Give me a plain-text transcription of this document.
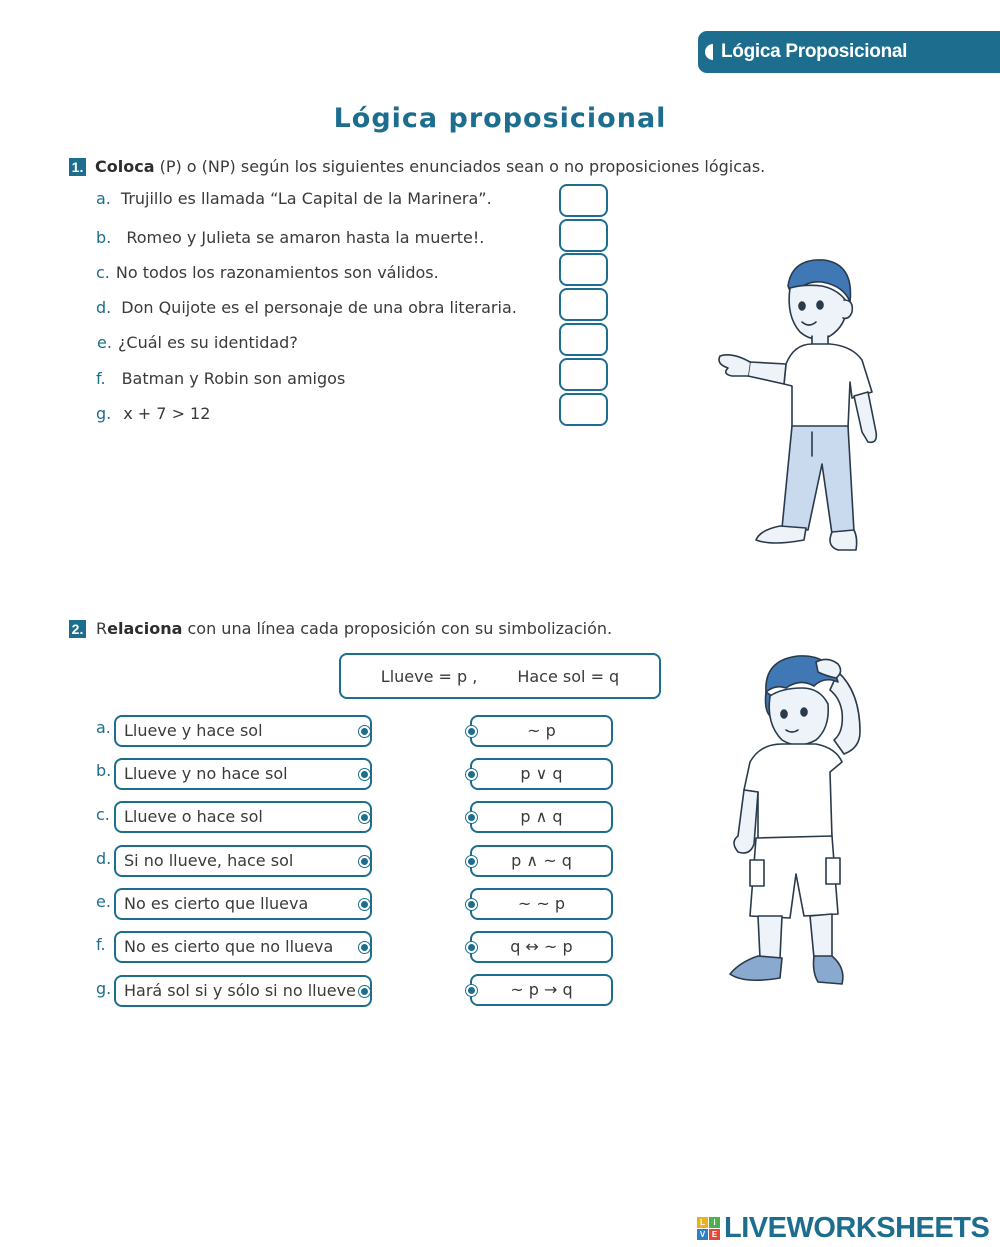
Lógica Proposicional
Lógica proposicional
1. Coloca (P) o (NP) según los siguientes enunciados sean o no proposiciones lógicas.
a. Trujillo es llamada “La Capital de la Marinera”.
b. Romeo y Julieta se amaron hasta la muerte!.
c. No todos los razonamientos son válidos.
d. Don Quijote es el personaje de una obra literaria.
e. ¿Cuál es su identidad?
f. Batman y Robin son amigos
g. x + 7 > 12
2. Relaciona con una línea cada proposición con su simbolización.
Llueve = p ,	Hace sol = q
a. Llueve y hace sol
b. Llueve y no hace sol
c. Llueve o hace sol
d. Si no llueve, hace sol
e. No es cierto que llueva
f.	No es cierto que no llueva
g. Hará sol si y sólo si no llueve
~ p
p ∨ q
p ∧ q
p ∧ ~ q
~ ~ p
q ↔ ~ p
~ p → q
L	I
V E LIVEWORKSHEETS
